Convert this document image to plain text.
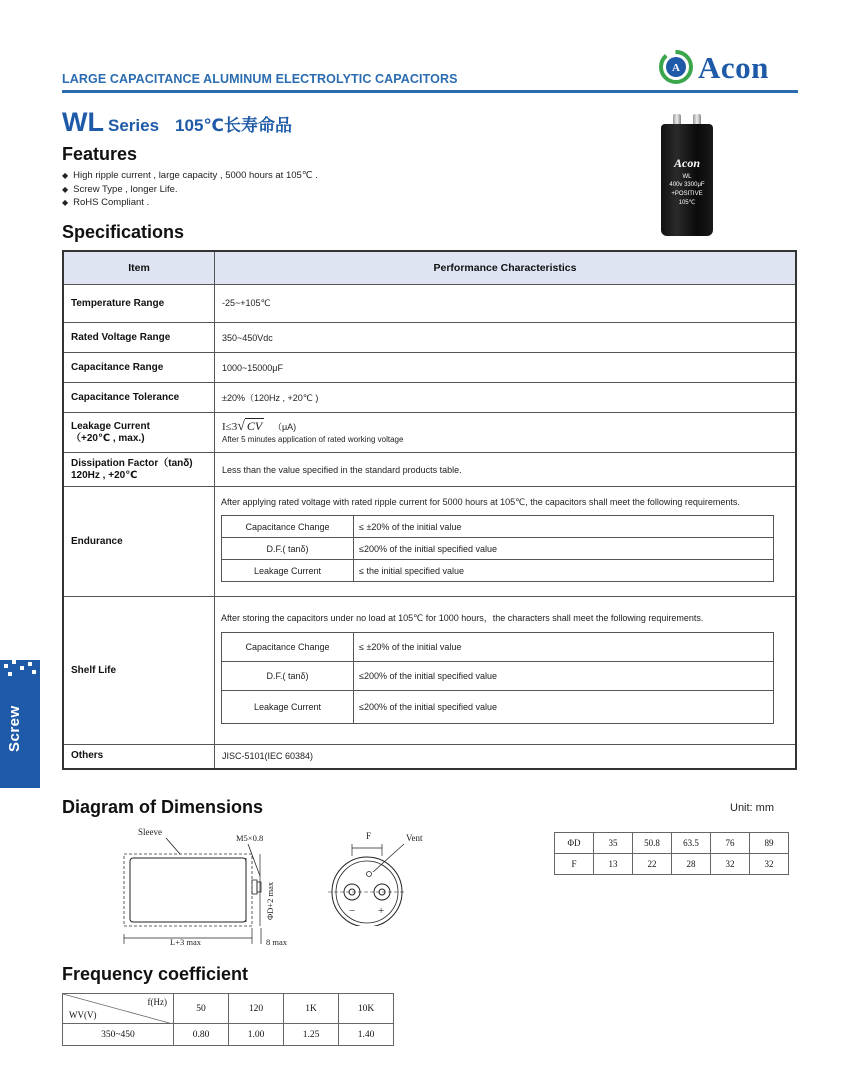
LARGE CAPACITANCE ALUMINUM ELECTROLYTIC CAPACITORS
A Acon
WL Series 105℃长寿命品
Features
◆ High ripple current , large capacity , 5000 hours at 105℃ .
◆ Screw Type , longer Life.
◆ RoHS Compliant .
Acon
WL
400v 3300μF
+POSITIVE
105℃
Specifications
Item	Performance Characteristics
Temperature Range	-25~+105℃
Rated Voltage Range	350~450Vdc
Capacitance Range	1000~15000μF
Capacitance Tolerance	±20%（120Hz , +20℃ )

Leakage Current
（+20℃ , max.)

I≤3√ CV （μA)
After 5 minutes application of rated working voltage

Dissipation Factor（tanδ)
120Hz , +20℃	Less than the value specified in the standard products table.
Endurance	
After applying rated voltage with rated ripple current for 5000 hours at 105℃, the capacitors shall meet the following requirements.
Capacitance Change	≤ ±20% of the initial value
D.F.( tanδ)	≤200% of the initial specified value
Leakage Current	≤ the initial specified value

Shelf Life	
After storing the capacitors under no load at 105℃ for 1000 hours，the characters shall meet the following requirements.
Capacitance Change	≤ ±20% of the initial value
D.F.( tanδ)	≤200% of the initial specified value
Leakage Current	≤200% of the initial specified value

Others	JISC-5101(IEC 60384)
Screw
Diagram of Dimensions	Unit: mm
Sleeve
M5×0.8
ΦD+2 max
L+3 max	8 max
F	Vent
− +
ΦD	35	50.8	63.5	76	89
F	13	22	28	32	32
Frequency coefficient
f(Hz)
WV(V)	50	120	1K	10K
350~450	0.80	1.00	1.25	1.40
